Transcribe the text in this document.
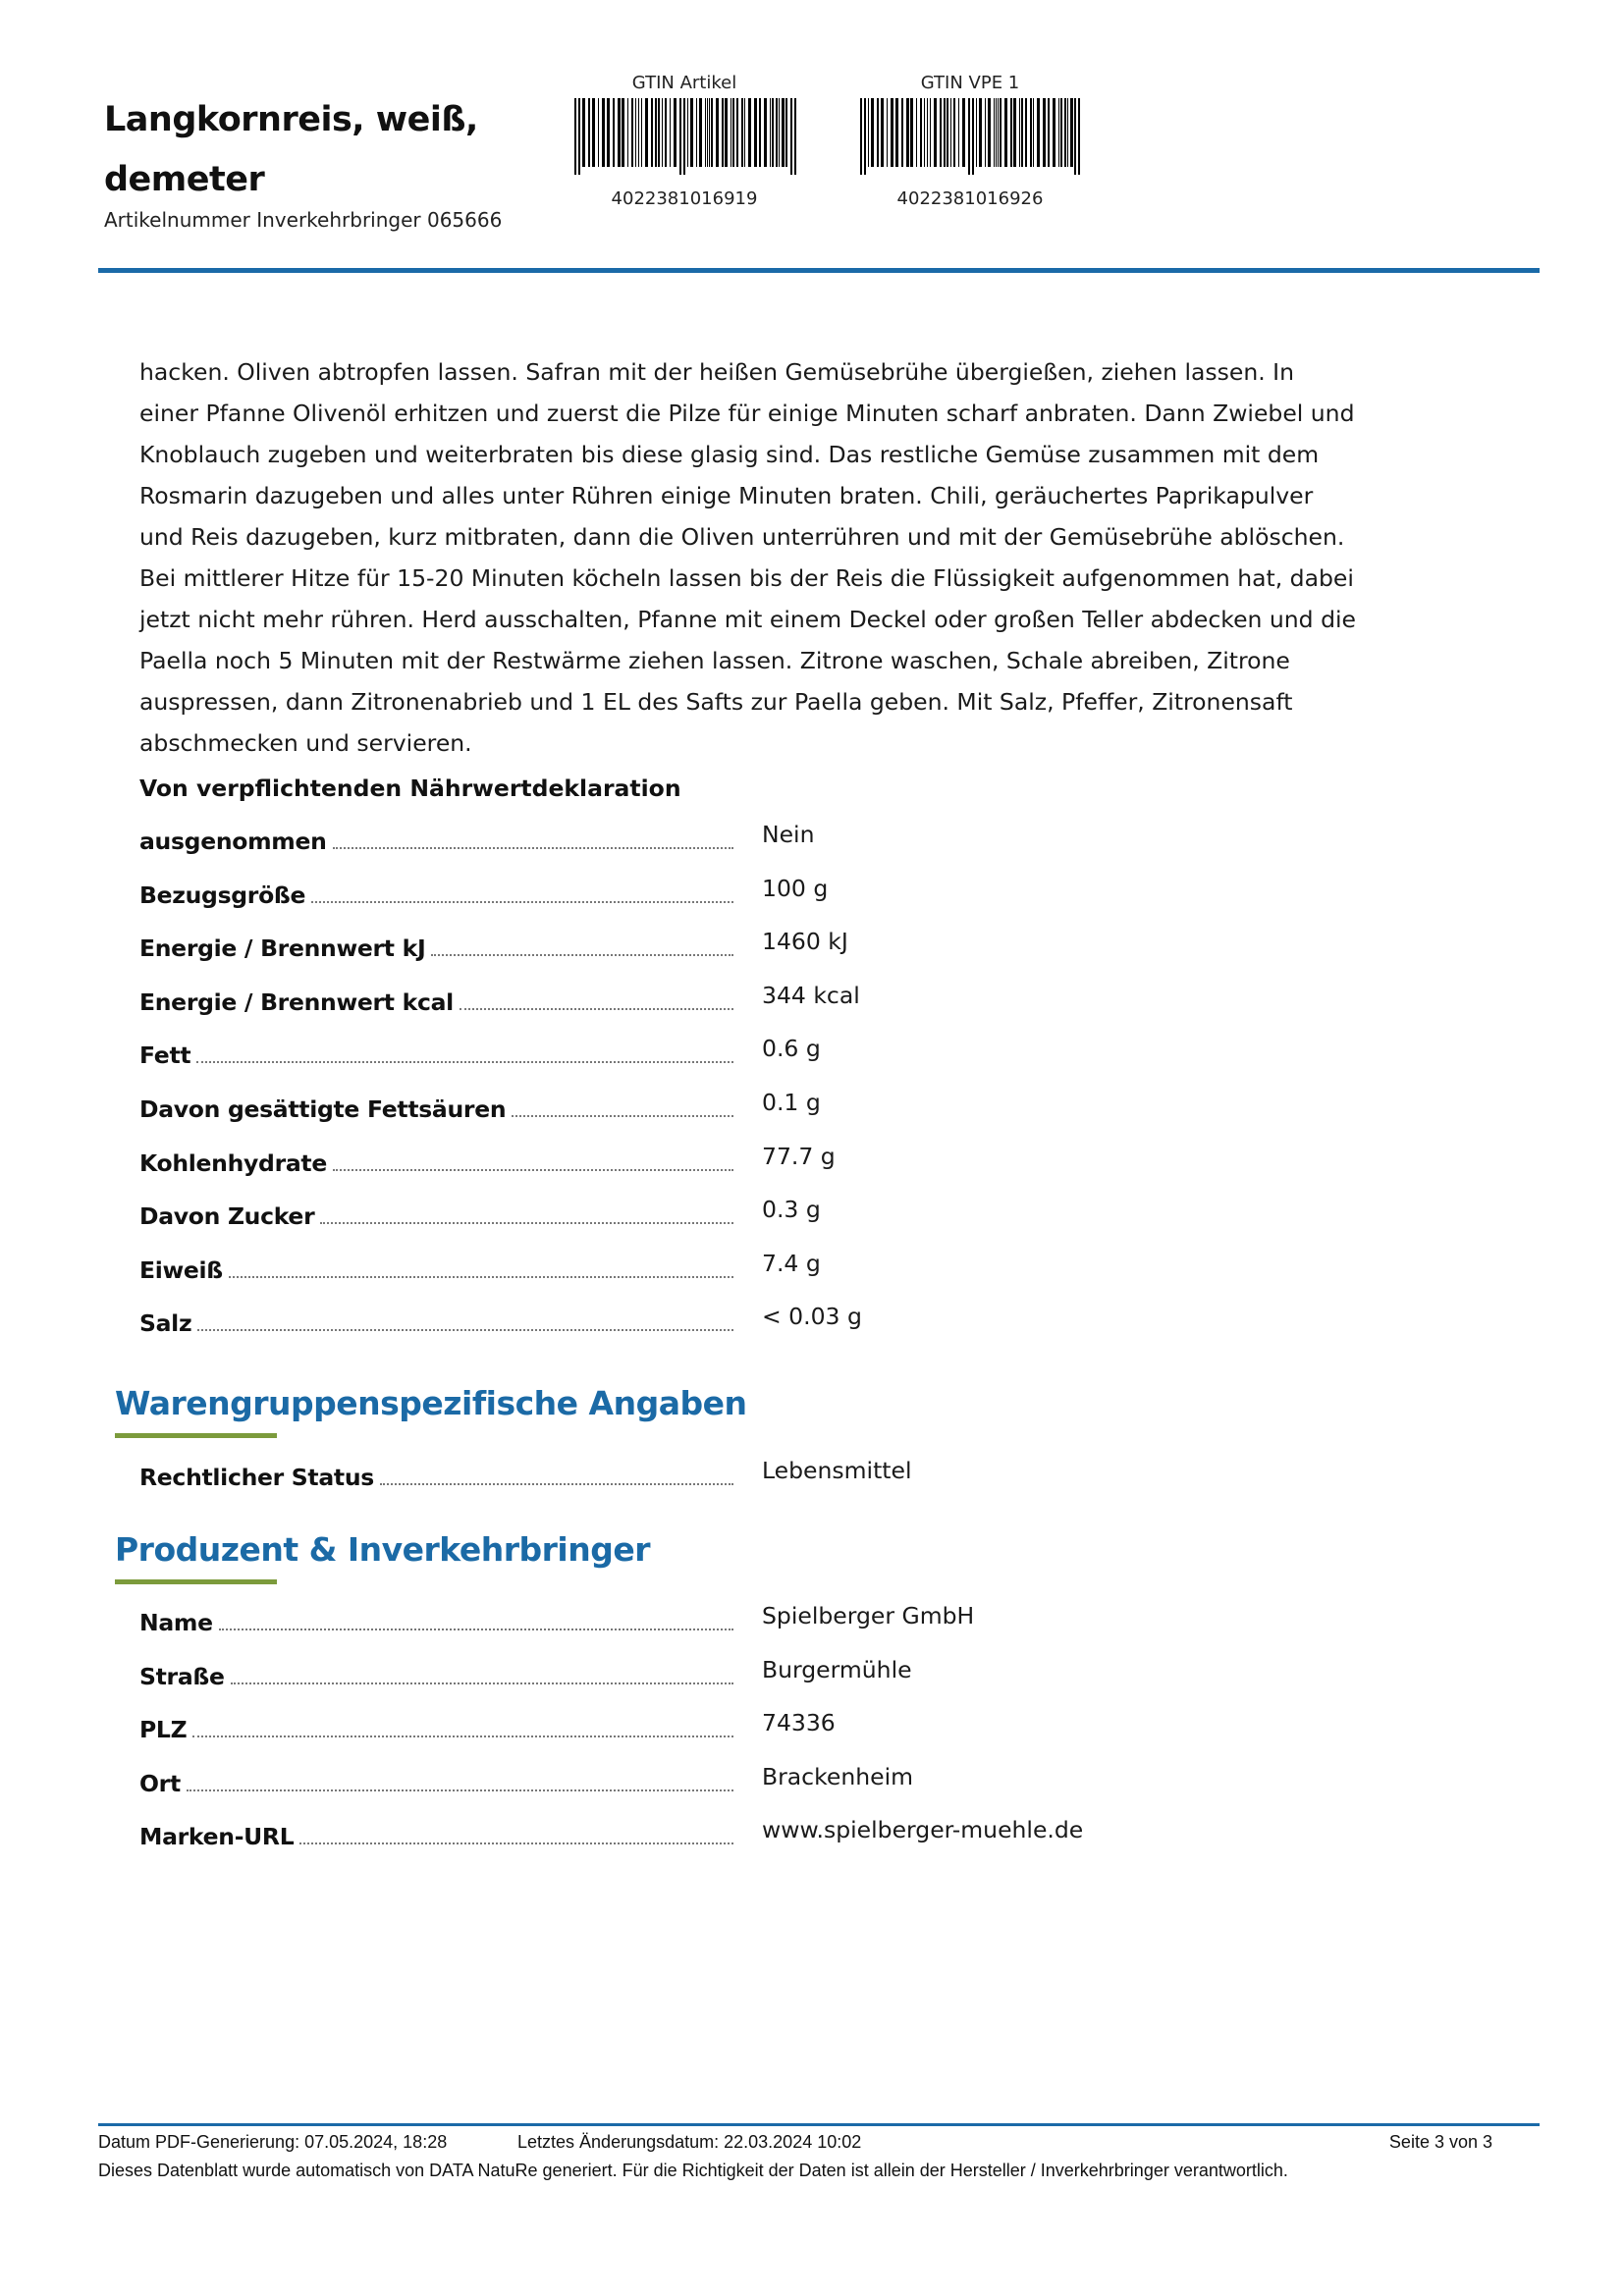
Langkornreis, weiß, demeter
Artikelnummer Inverkehrbringer 065666
GTIN Artikel
4022381016919
GTIN VPE 1
4022381016926
hacken. Oliven abtropfen lassen. Safran mit der heißen Gemüsebrühe übergießen, ziehen lassen. In einer Pfanne Olivenöl erhitzen und zuerst die Pilze für einige Minuten scharf anbraten. Dann Zwiebel und Knoblauch zugeben und weiterbraten bis diese glasig sind. Das restliche Gemüse zusammen mit dem Rosmarin dazugeben und alles unter Rühren einige Minuten braten. Chili, geräuchertes Paprikapulver und Reis dazugeben, kurz mitbraten, dann die Oliven unterrühren und mit der Gemüsebrühe ablöschen. Bei mittlerer Hitze für 15-20 Minuten köcheln lassen bis der Reis die Flüssigkeit aufgenommen hat, dabei jetzt nicht mehr rühren. Herd ausschalten, Pfanne mit einem Deckel oder großen Teller abdecken und die Paella noch 5 Minuten mit der Restwärme ziehen lassen. Zitrone waschen, Schale abreiben, Zitrone auspressen, dann Zitronenabrieb und 1 EL des Safts zur Paella geben. Mit Salz, Pfeffer, Zitronensaft abschmecken und servieren.
Von verpflichtenden Nährwertdeklaration
ausgenommen	Nein
Bezugsgröße	100 g
Energie / Brennwert kJ	1460 kJ
Energie / Brennwert kcal	344 kcal
Fett	0.6 g
Davon gesättigte Fettsäuren	0.1 g
Kohlenhydrate	77.7 g
Davon Zucker	0.3 g
Eiweiß	7.4 g
Salz	< 0.03 g
Warengruppenspezifische Angaben
Rechtlicher Status	Lebensmittel
Produzent & Inverkehrbringer
Name	Spielberger GmbH
Straße	Burgermühle
PLZ	74336
Ort	Brackenheim
Marken-URL	www.spielberger-muehle.de
Datum PDF-Generierung: 07.05.2024, 18:28	Letztes Änderungsdatum: 22.03.2024 10:02	Seite 3 von 3
Dieses Datenblatt wurde automatisch von DATA NatuRe generiert. Für die Richtigkeit der Daten ist allein der Hersteller / Inverkehrbringer verantwortlich.
